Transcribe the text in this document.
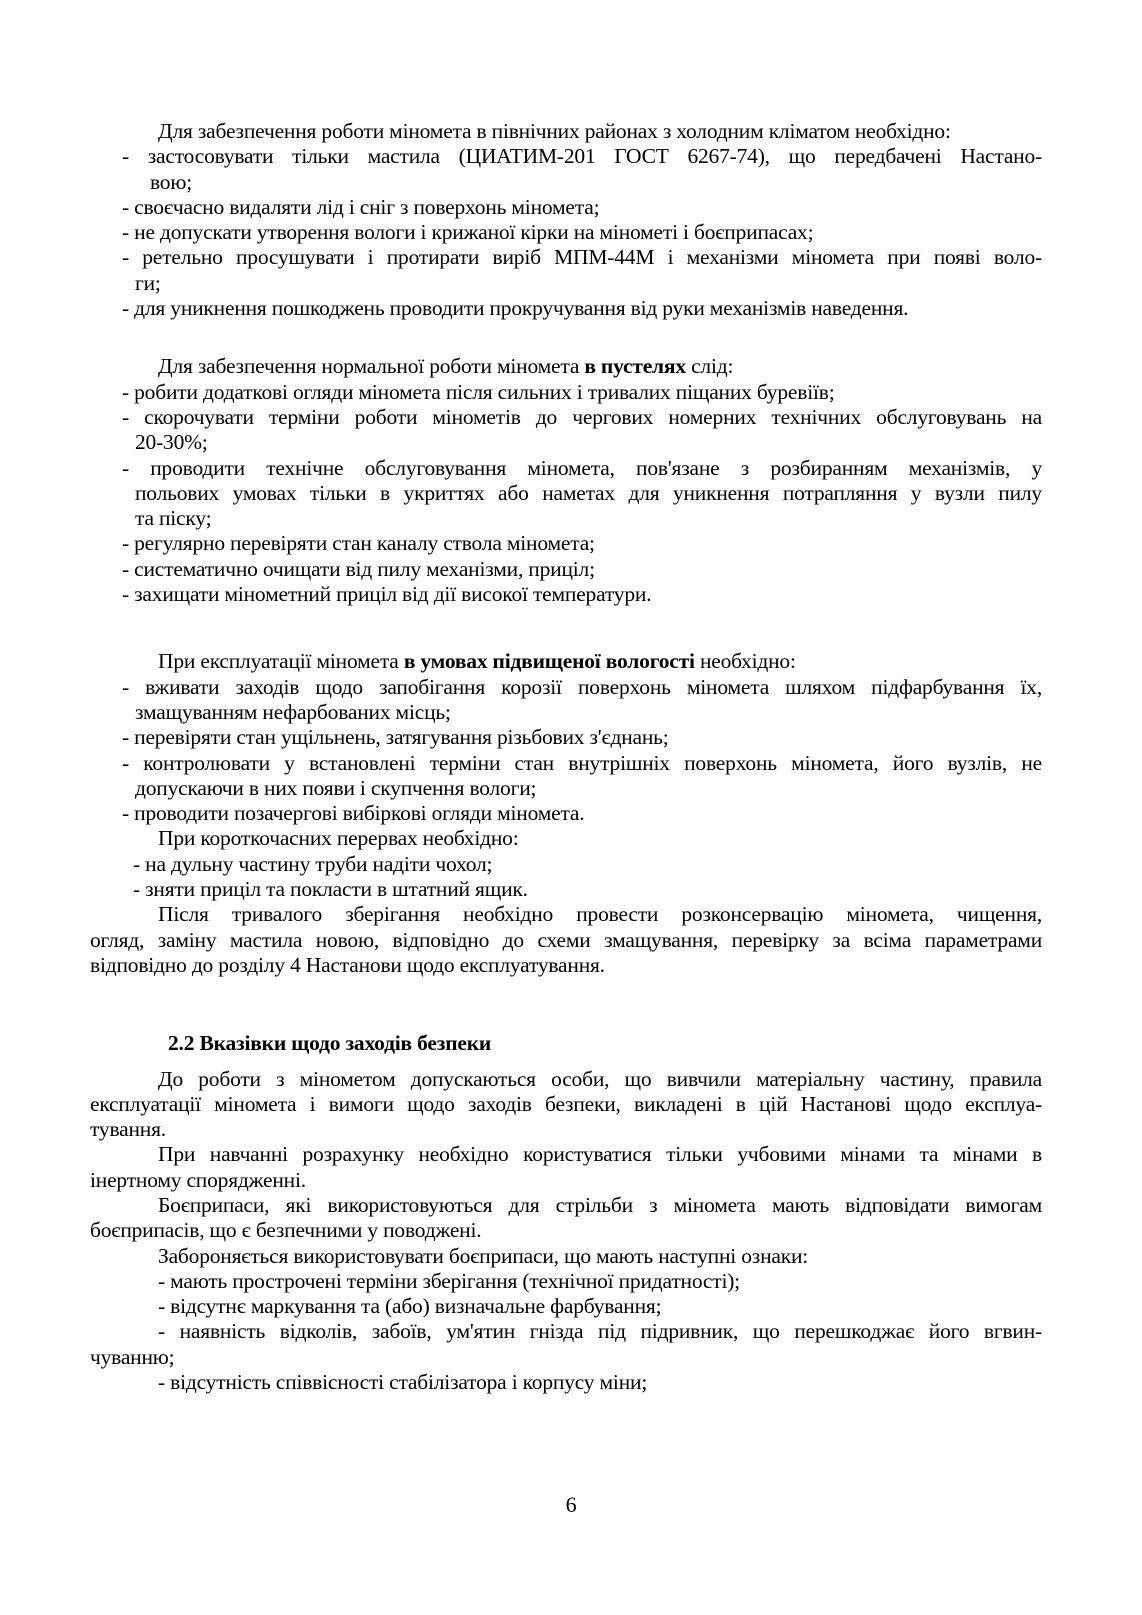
Для забезпечення роботи міномета в північних районах з холодним кліматом необхідно:
- застосовувати тільки мастила (ЦИАТИМ-201 ГОСТ 6267-74), що передбачені Настано-
вою;
- своєчасно видаляти лід і сніг з поверхонь міномета;
- не допускати утворення вологи і крижаної кірки на мінометі і боєприпасах;
- ретельно просушувати і протирати виріб МПМ-44М і механізми міномета при появі воло-
ги;
- для уникнення пошкоджень проводити прокручування від руки механізмів наведення.
Для забезпечення нормальної роботи міномета в пустелях слід:
- робити додаткові огляди міномета після сильних і тривалих піщаних буревіїв;
- скорочувати терміни роботи мінометів до чергових номерних технічних обслуговувань на
20-30%;
- проводити технічне обслуговування міномета, пов'язане з розбиранням механізмів, у
польових умовах тільки в укриттях або наметах для уникнення потрапляння у вузли пилу
та піску;
- регулярно перевіряти стан каналу ствола міномета;
- систематично очищати від пилу механізми, приціл;
- захищати мінометний приціл від дії високої температури.
При експлуатації міномета в умовах підвищеної вологості необхідно:
- вживати заходів щодо запобігання корозії поверхонь міномета шляхом підфарбування їх,
змащуванням нефарбованих місць;
- перевіряти стан ущільнень, затягування різьбових з'єднань;
- контролювати у встановлені терміни стан внутрішніх поверхонь міномета, його вузлів, не
допускаючи в них появи і скупчення вологи;
- проводити позачергові вибіркові огляди міномета.
При короткочасних перервах необхідно:
- на дульну частину труби надіти чохол;
- зняти приціл та покласти в штатний ящик.
Після тривалого зберігання необхідно провести розконсервацію міномета, чищення,
огляд, заміну мастила новою, відповідно до схеми змащування, перевірку за всіма параметрами
відповідно до розділу 4 Настанови щодо експлуатування.
2.2 Вказівки щодо заходів безпеки
До роботи з мінометом допускаються особи, що вивчили матеріальну частину, правила
експлуатації міномета і вимоги щодо заходів безпеки, викладені в цій Настанові щодо експлуа-
тування.
При навчанні розрахунку необхідно користуватися тільки учбовими мінами та мінами в
інертному спорядженні.
Боєприпаси, які використовуються для стрільби з міномета мають відповідати вимогам
боєприпасів, що є безпечними у поводжені.
Забороняється використовувати боєприпаси, що мають наступні ознаки:
- мають прострочені терміни зберігання (технічної придатності);
- відсутнє маркування та (або) визначальне фарбування;
- наявність відколів, забоїв, ум'ятин гнізда під підривник, що перешкоджає його вгвин-
чуванню;
- відсутність співвісності стабілізатора і корпусу міни;
6
